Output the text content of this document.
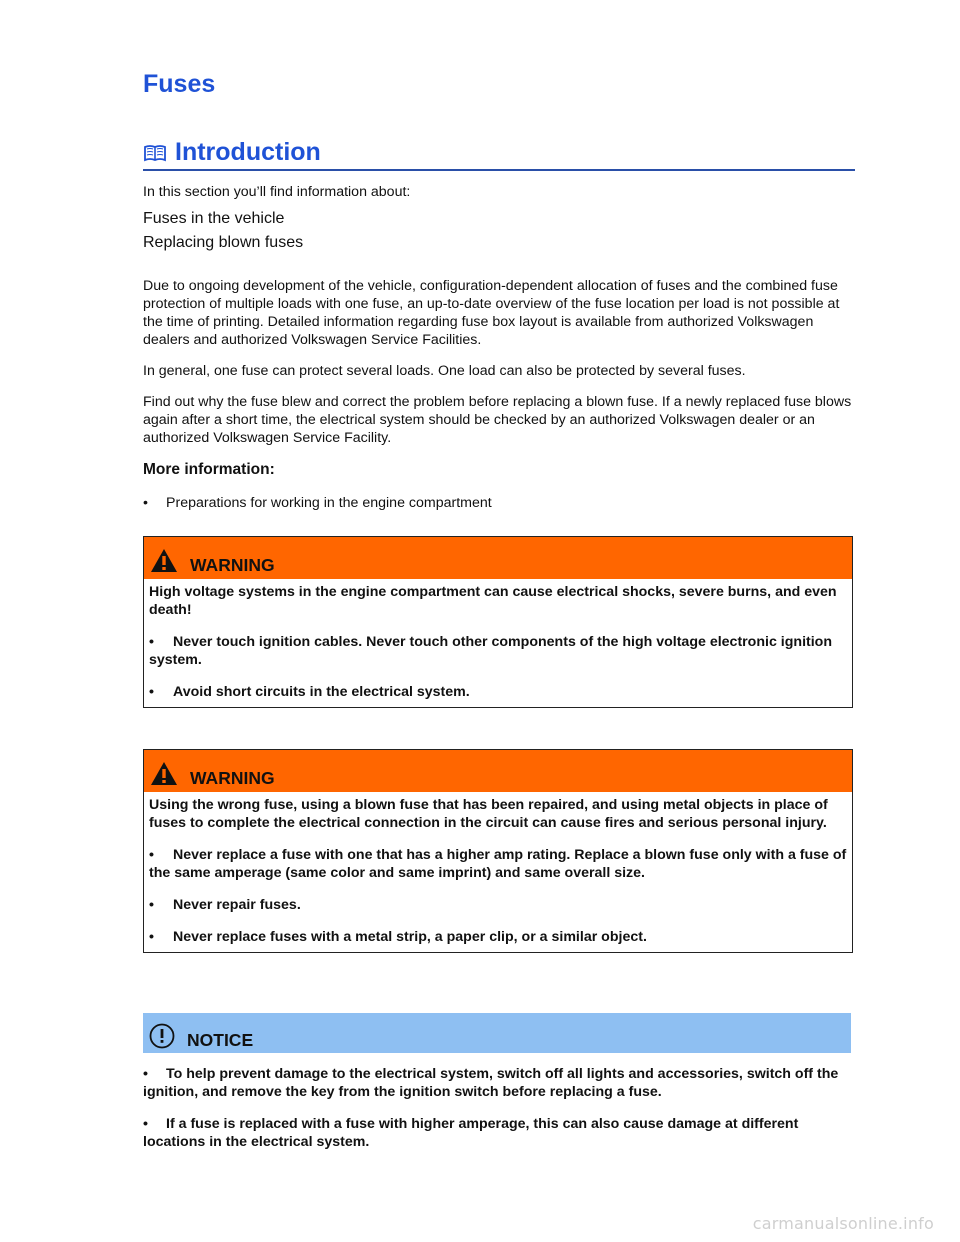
Fuses
Introduction

In this section you’ll find information about:

Fuses in the vehicle

Replacing blown fuses

Due to ongoing development of the vehicle, configuration-dependent allocation of fuses and the combined fuse protection of multiple loads with one fuse, an up-to-date overview of the fuse location per load is not possible at the time of printing. Detailed information regarding fuse box layout is available from authorized Volkswagen dealers and authorized Volkswagen Service Facilities.

In general, one fuse can protect several loads. One load can also be protected by several fuses.

Find out why the fuse blew and correct the problem before replacing a blown fuse. If a newly replaced fuse blows again after a short time, the electrical system should be checked by an authorized Volkswagen dealer or an authorized Volkswagen Service Facility.

More information:

•	Preparations for working in the engine compartment
WARNING

High voltage systems in the engine compartment can cause electrical shocks, severe burns, and even death!

• Never touch ignition cables. Never touch other components of the high voltage electronic ignition system.

• Avoid short circuits in the electrical system.

WARNING

Using the wrong fuse, using a blown fuse that has been repaired, and using metal objects in place of fuses to complete the electrical connection in the circuit can cause fires and serious personal injury.

• Never replace a fuse with one that has a higher amp rating. Replace a blown fuse only with a fuse of the same amperage (same color and same imprint) and same overall size.

• Never repair fuses.

• Never replace fuses with a metal strip, a paper clip, or a similar object.

NOTICE

• To help prevent damage to the electrical system, switch off all lights and accessories, switch off the ignition, and remove the key from the ignition switch before replacing a fuse.

• If a fuse is replaced with a fuse with higher amperage, this can also cause damage at different locations in the electrical system.

carmanualsonline.info
